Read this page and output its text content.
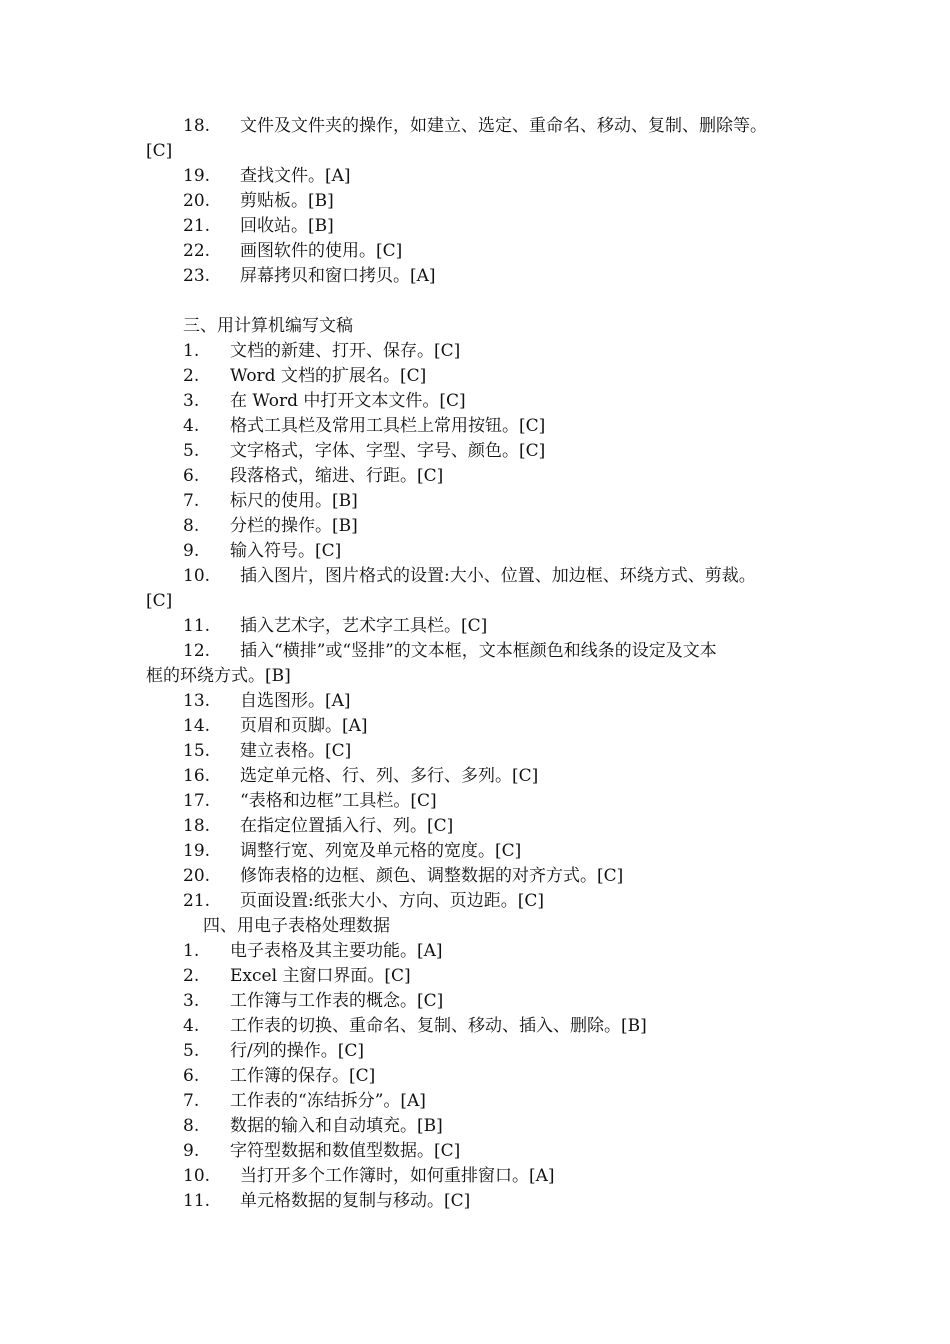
18. 文件及文件夹的操作，如建立、选定、重命名、移动、复制、删除等。
[C]
19. 查找文件。[A]
20. 剪贴板。[B]
21. 回收站。[B]
22. 画图软件的使用。[C]
23. 屏幕拷贝和窗口拷贝。[A]
三、用计算机编写文稿
1. 文档的新建、打开、保存。[C]
2. Word 文档的扩展名。[C]
3. 在 Word 中打开文本文件。[C]
4. 格式工具栏及常用工具栏上常用按钮。[C]
5. 文字格式，字体、字型、字号、颜色。[C]
6. 段落格式，缩进、行距。[C]
7. 标尺的使用。[B]
8. 分栏的操作。[B]
9. 输入符号。[C]
10. 插入图片，图片格式的设置:大小、位置、加边框、环绕方式、剪裁。
[C]
11. 插入艺术字，艺术字工具栏。[C]
12. 插入“横排”或“竖排”的文本框，文本框颜色和线条的设定及文本
框的环绕方式。[B]
13. 自选图形。[A]
14. 页眉和页脚。[A]
15. 建立表格。[C]
16. 选定单元格、行、列、多行、多列。[C]
17. “表格和边框”工具栏。[C]
18. 在指定位置插入行、列。[C]
19. 调整行宽、列宽及单元格的宽度。[C]
20. 修饰表格的边框、颜色、调整数据的对齐方式。[C]
21. 页面设置:纸张大小、方向、页边距。[C]
四、用电子表格处理数据
1. 电子表格及其主要功能。[A]
2. Excel 主窗口界面。[C]
3. 工作簿与工作表的概念。[C]
4. 工作表的切换、重命名、复制、移动、插入、删除。[B]
5. 行/列的操作。[C]
6. 工作簿的保存。[C]
7. 工作表的“冻结拆分”。[A]
8. 数据的输入和自动填充。[B]
9. 字符型数据和数值型数据。[C]
10. 当打开多个工作簿时，如何重排窗口。[A]
11. 单元格数据的复制与移动。[C]
